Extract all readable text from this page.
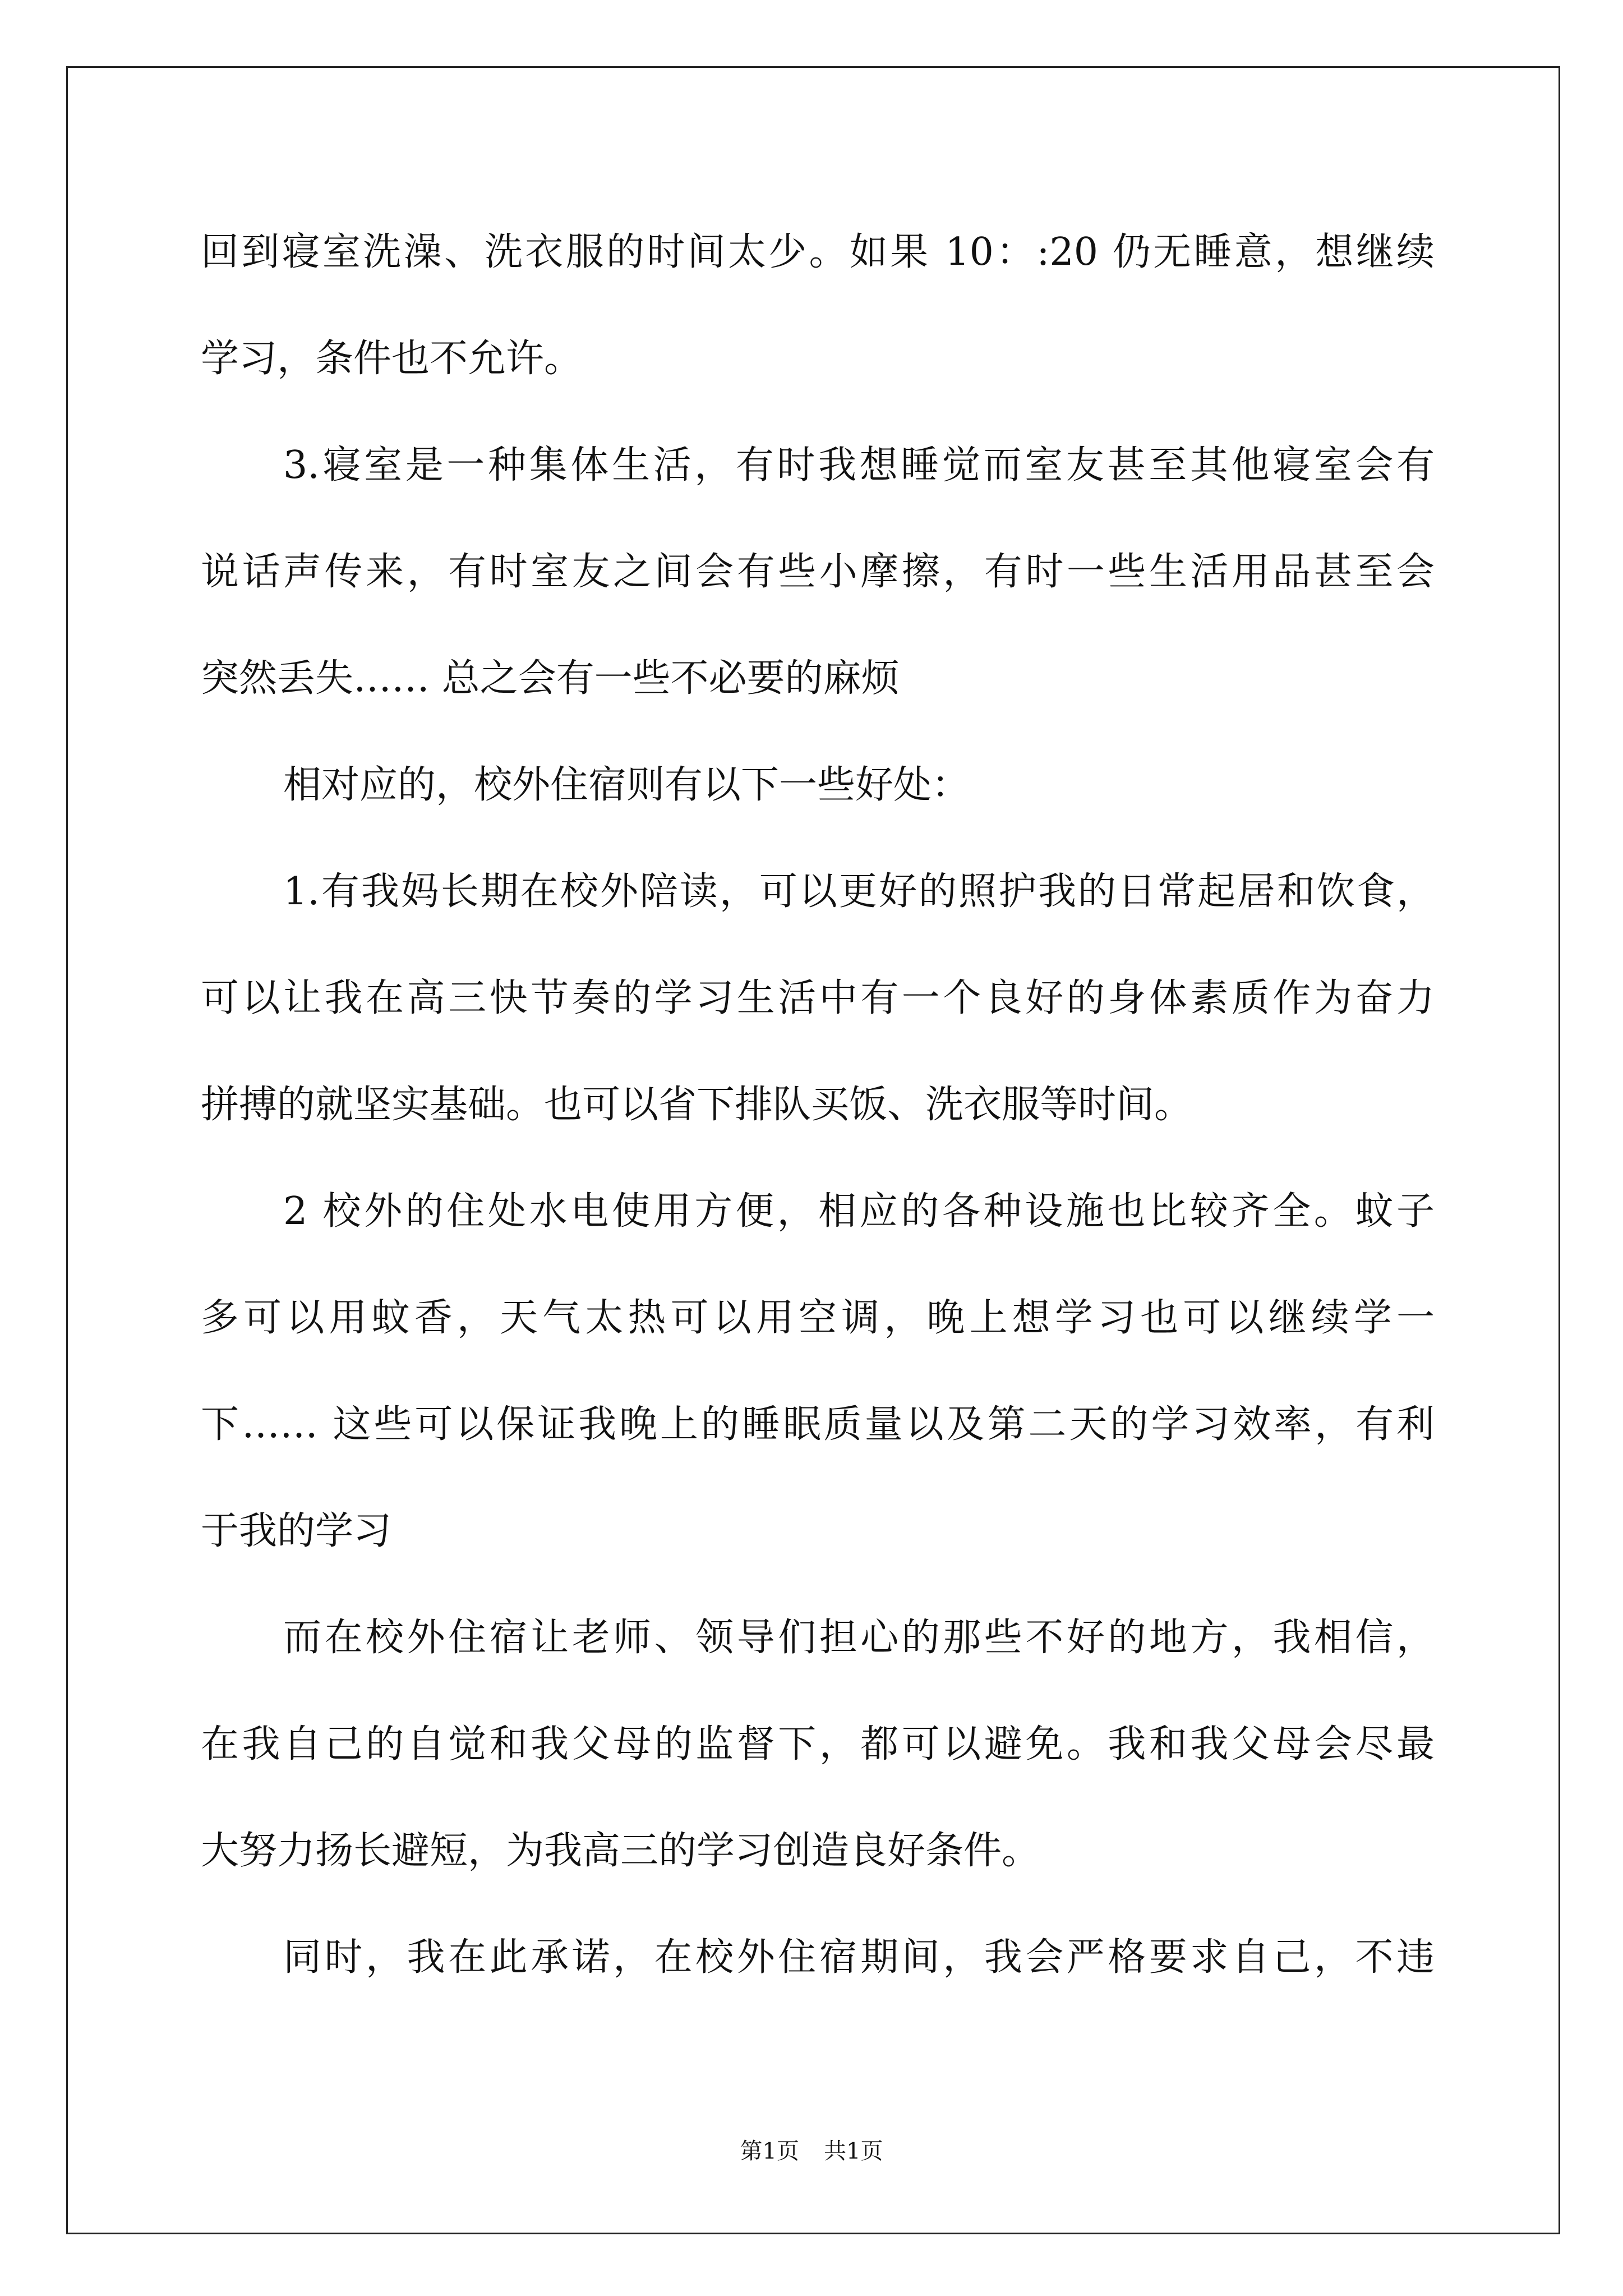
回到寝室洗澡、洗衣服的时间太少。如果 10：:20 仍无睡意，想继续
学习，条件也不允许。
3.寝室是一种集体生活，有时我想睡觉而室友甚至其他寝室会有
说话声传来，有时室友之间会有些小摩擦，有时一些生活用品甚至会
突然丢失…… 总之会有一些不必要的麻烦
相对应的，校外住宿则有以下一些好处：
1.有我妈长期在校外陪读，可以更好的照护我的日常起居和饮食，
可以让我在高三快节奏的学习生活中有一个良好的身体素质作为奋力
拼搏的就坚实基础。也可以省下排队买饭、洗衣服等时间。
2 校外的住处水电使用方便，相应的各种设施也比较齐全。蚊子
多可以用蚊香，天气太热可以用空调，晚上想学习也可以继续学一
下…… 这些可以保证我晚上的睡眠质量以及第二天的学习效率，有利
于我的学习
而在校外住宿让老师、领导们担心的那些不好的地方，我相信，
在我自己的自觉和我父母的监督下，都可以避免。我和我父母会尽最
大努力扬长避短，为我高三的学习创造良好条件。
同时，我在此承诺，在校外住宿期间，我会严格要求自己，不违
第1页 共1页
